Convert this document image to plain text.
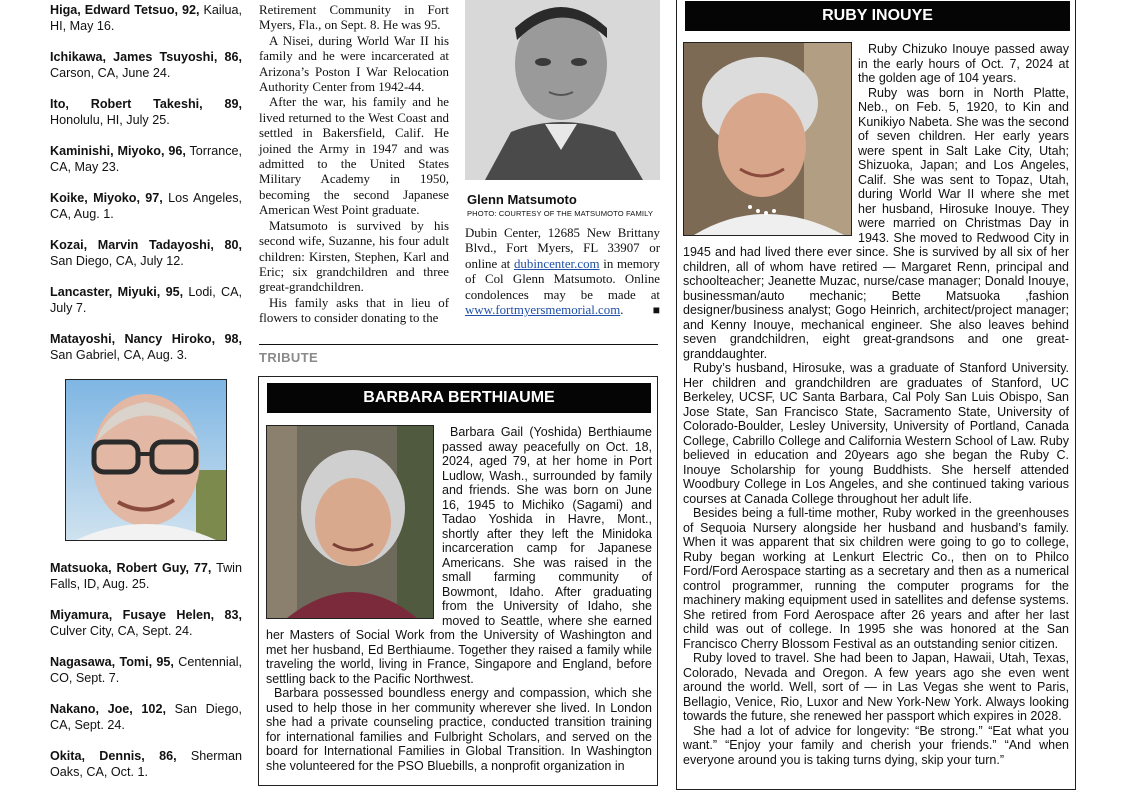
Higa, Edward Tetsuo, 92, Kailua, HI, May 16.
Ichikawa, James Tsuyoshi, 86, Carson, CA, June 24.
Ito, Robert Takeshi, 89, Honolulu, HI, July 25.
Kaminishi, Miyoko, 96, Torrance, CA, May 23.
Koike, Miyoko, 97, Los Angeles, CA, Aug. 1.
Kozai, Marvin Tadayoshi, 80, San Diego, CA, July 12.
Lancaster, Miyuki, 95, Lodi, CA, July 7.
Matayoshi, Nancy Hiroko, 98, San Gabriel, CA, Aug. 3.
Matsuoka, Robert Guy, 77, Twin Falls, ID, Aug. 25.
Miyamura, Fusaye Helen, 83, Culver City, CA, Sept. 24.
Nagasawa, Tomi, 95, Centennial, CO, Sept. 7.
Nakano, Joe, 102, San Diego, CA, Sept. 24.
Okita, Dennis, 86, Sherman Oaks, CA, Oct. 1.

Retirement Community in Fort Myers, Fla., on Sept. 8. He was 95.

A Nisei, during World War II his family and he were incarcerated at Arizona’s Poston I War Relocation Authority Center from 1942-44.

After the war, his family and he lived returned to the West Coast and settled in Bakersfield, Calif. He joined the Army in 1947 and was admitted to the United States Military Academy in 1950, becoming the second Japanese American West Point graduate.

Matsumoto is survived by his second wife, Suzanne, his four adult children: Kirsten, Stephen, Karl and Eric; six grandchildren and three great-grandchildren.

His family asks that in lieu of flowers to consider donating to the

Glenn Matsumoto
PHOTO: COURTESY OF THE MATSUMOTO FAMILY

Dubin Center, 12685 New Brittany Blvd., Fort Myers, FL 33907 or online at dubincenter.com in memory of Col Glenn Matsumoto. Online condolences may be made at www.fortmyersmemorial.com. ■

TRIBUTE
BARBARA BERTHIAUME

Barbara Gail (Yoshida) Berthiaume passed away peacefully on Oct. 18, 2024, aged 79, at her home in Port Ludlow, Wash., surrounded by family and friends. She was born on June 16, 1945 to Michiko (Sagami) and Tadao Yoshida in Havre, Mont., shortly after they left the Minidoka incarceration camp for Japanese Americans. She was raised in the small farming community of Bowmont, Idaho. After graduating from the University of Idaho, she moved to Seattle, where she earned her Masters of Social Work from the University of Washington and met her husband, Ed Berthiaume. Together they raised a family while traveling the world, living in France, Singapore and England, before settling back to the Pacific Northwest.

Barbara possessed boundless energy and compassion, which she used to help those in her community wherever she lived. In London she had a private counseling practice, conducted transition training for international families and Fulbright Scholars, and served on the board for International Families in Global Transition. In Washington she volunteered for the PSO Bluebills, a nonprofit organization in

RUBY INOUYE

Ruby Chizuko Inouye passed away in the early hours of Oct. 7, 2024 at the golden age of 104 years.

Ruby was born in North Platte, Neb., on Feb. 5, 1920, to Kin and Kunikiyo Nabeta. She was the second of seven children. Her early years were spent in Salt Lake City, Utah; Shizuoka, Japan; and Los Angeles, Calif. She was sent to Topaz, Utah, during World War II where she met her husband, Hirosuke Inouye. They were married on Christmas Day in 1943. She moved to Redwood City in 1945 and had lived there ever since. She is survived by all six of her children, all of whom have retired — Margaret Renn, principal and schoolteacher; Jeanette Muzac, nurse/case manager; Donald Inouye, businessman/auto mechanic; Bette Matsuoka ,fashion designer/business analyst; Gogo Heinrich, architect/project manager; and Kenny Inouye, mechanical engineer. She also leaves behind seven grandchildren, eight great-grandsons and one great-granddaughter.

Ruby’s husband, Hirosuke, was a graduate of Stanford University. Her children and grandchildren are graduates of Stanford, UC Berkeley, UCSF, UC Santa Barbara, Cal Poly San Luis Obispo, San Jose State, San Francisco State, Sacramento State, University of Colorado-Boulder, Lesley University, University of Portland, Canada College, Cabrillo College and California Western School of Law. Ruby believed in education and 20years ago she began the Ruby C. Inouye Scholarship for young Buddhists. She herself attended Woodbury College in Los Angeles, and she continued taking various courses at Canada College throughout her adult life.

Besides being a full-time mother, Ruby worked in the greenhouses of Sequoia Nursery alongside her husband and husband’s family. When it was apparent that six children were going to go to college, Ruby began working at Lenkurt Electric Co., then on to Philco Ford/Ford Aerospace starting as a secretary and then as a numerical control programmer, running the computer programs for the machinery making equipment used in satellites and defense systems. She retired from Ford Aerospace after 26 years and after her last child was out of college. In 1995 she was honored at the San Francisco Cherry Blossom Festival as an outstanding senior citizen.

Ruby loved to travel. She had been to Japan, Hawaii, Utah, Texas, Colorado, Nevada and Oregon. A few years ago she even went around the world. Well, sort of — in Las Vegas she went to Paris, Bellagio, Venice, Rio, Luxor and New York-New York. Always looking towards the future, she renewed her passport which expires in 2028.

She had a lot of advice for longevity: “Be strong.” “Eat what you want.” “Enjoy your family and cherish your friends.” “And when everyone around you is taking turns dying, skip your turn.”
